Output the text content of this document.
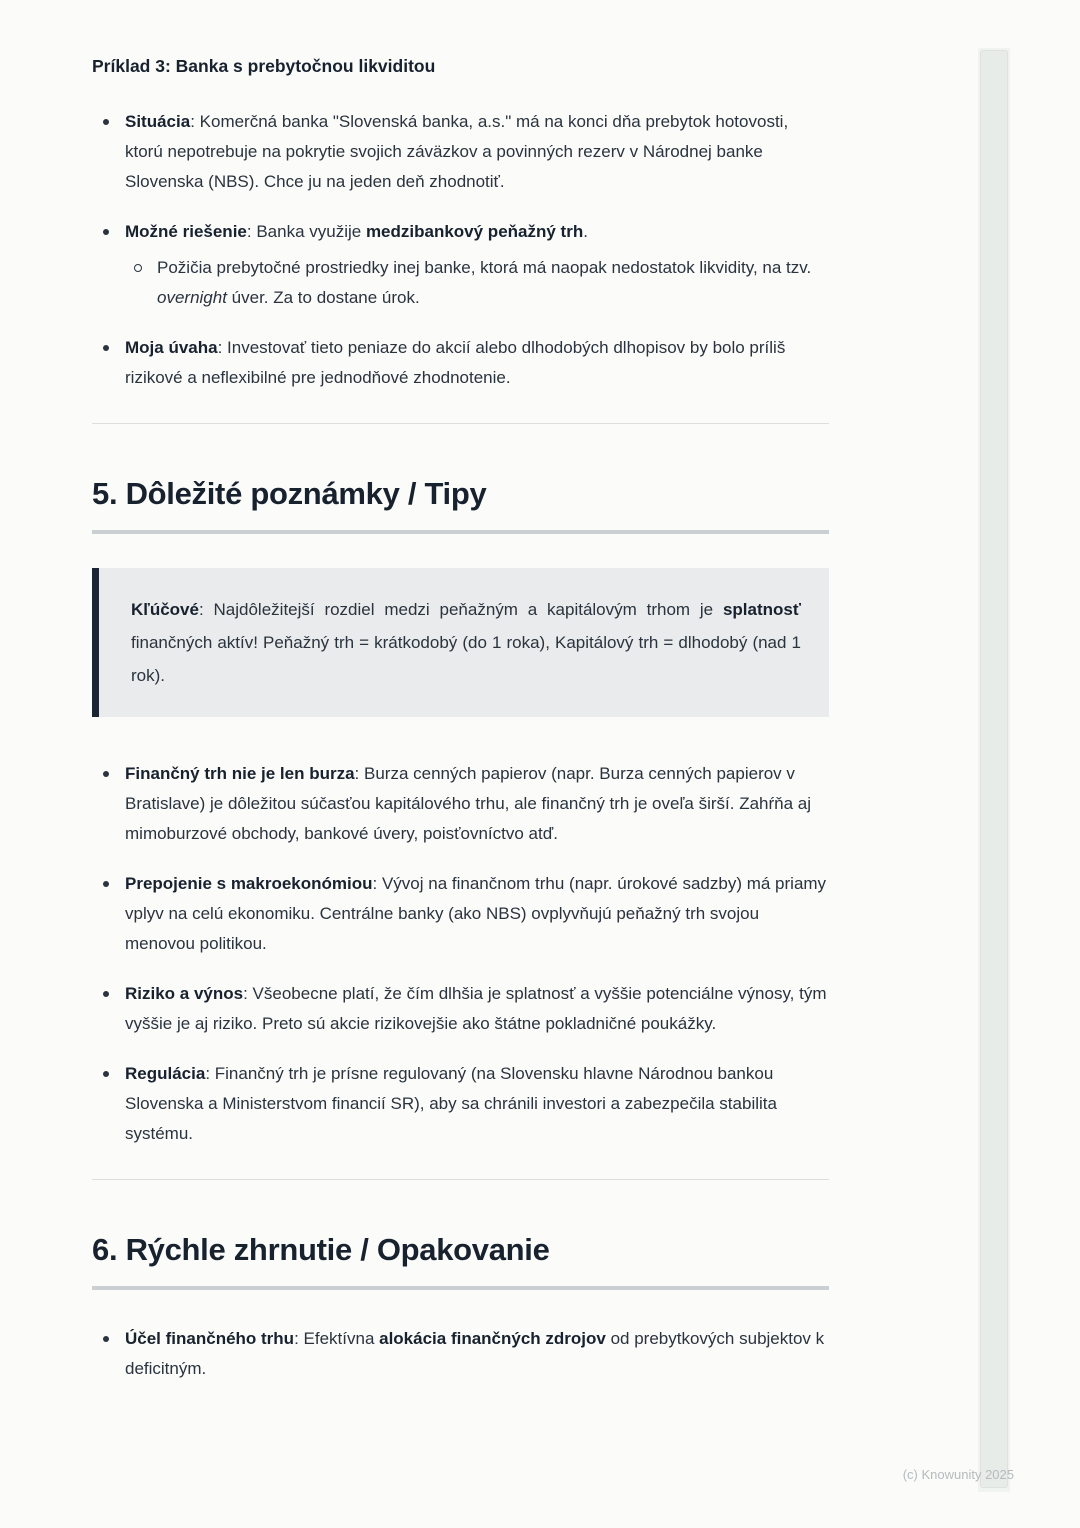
Príklad 3: Banka s prebytočnou likviditou
Situácia: Komerčná banka "Slovenská banka, a.s." má na konci dňa prebytok hotovosti, ktorú nepotrebuje na pokrytie svojich záväzkov a povinných rezerv v Národnej banke Slovenska (NBS). Chce ju na jeden deň zhodnotiť.
Možné riešenie: Banka využije medzibankový peňažný trh.
Požičia prebytočné prostriedky inej banke, ktorá má naopak nedostatok likvidity, na tzv. overnight úver. Za to dostane úrok.
Moja úvaha: Investovať tieto peniaze do akcií alebo dlhodobých dlhopisov by bolo príliš rizikové a neflexibilné pre jednodňové zhodnotenie.
5. Dôležité poznámky / Tipy

Kľúčové: Najdôležitejší rozdiel medzi peňažným a kapitálovým trhom je splatnosť finančných aktív! Peňažný trh = krátkodobý (do 1 roka), Kapitálový trh = dlhodobý (nad 1 rok).

Finančný trh nie je len burza: Burza cenných papierov (napr. Burza cenných papierov v Bratislave) je dôležitou súčasťou kapitálového trhu, ale finančný trh je oveľa širší. Zahŕňa aj mimoburzové obchody, bankové úvery, poisťovníctvo atď.
Prepojenie s makroekonómiou: Vývoj na finančnom trhu (napr. úrokové sadzby) má priamy vplyv na celú ekonomiku. Centrálne banky (ako NBS) ovplyvňujú peňažný trh svojou menovou politikou.
Riziko a výnos: Všeobecne platí, že čím dlhšia je splatnosť a vyššie potenciálne výnosy, tým vyššie je aj riziko. Preto sú akcie rizikovejšie ako štátne pokladničné poukážky.
Regulácia: Finančný trh je prísne regulovaný (na Slovensku hlavne Národnou bankou Slovenska a Ministerstvom financií SR), aby sa chránili investori a zabezpečila stabilita systému.
6. Rýchle zhrnutie / Opakovanie
Účel finančného trhu: Efektívna alokácia finančných zdrojov od prebytkových subjektov k deficitným.
(c) Knowunity 2025
